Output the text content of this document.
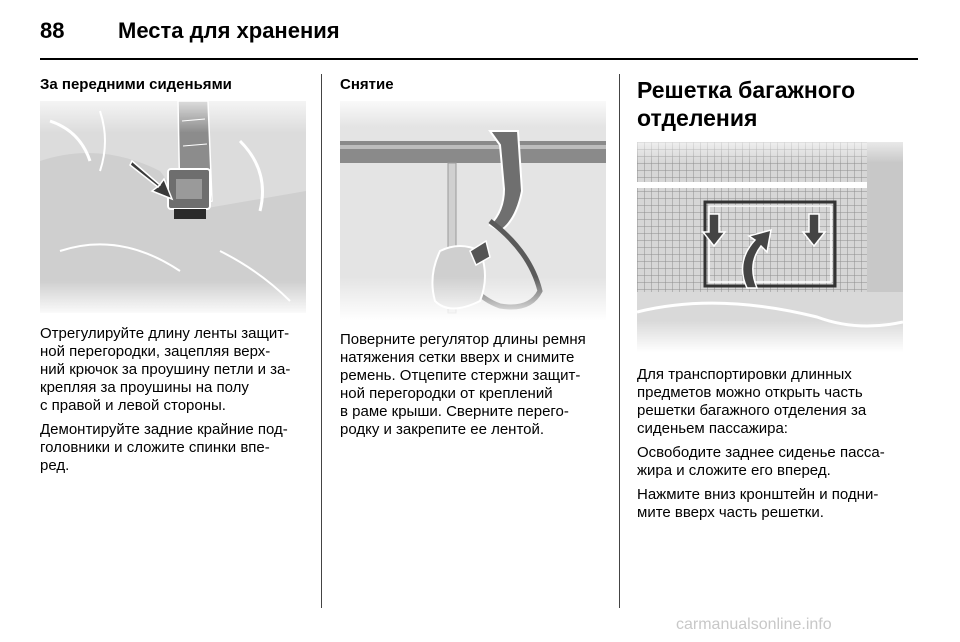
88 Места для хранения
За передними сиденьями
Отрегулируйте длину ленты защит-
ной перегородки, зацепляя верх-
ний крючок за проушину петли и за-
крепляя за проушины на полу
с правой и левой стороны.
Демонтируйте задние крайние под-
головники и сложите спинки впе-
ред.
Снятие
Поверните регулятор длины ремня
натяжения сетки вверх и снимите
ремень. Отцепите стержни защит-
ной перегородки от креплений
в раме крыши. Сверните перего-
родку и закрепите ее лентой.
Решетка багажного
отделения
Для транспортировки длинных
предметов можно открыть часть
решетки багажного отделения за
сиденьем пассажира:
Освободите заднее сиденье пасса-
жира и сложите его вперед.
Нажмите вниз кронштейн и подни-
мите вверх часть решетки.
carmanualsonline.info
